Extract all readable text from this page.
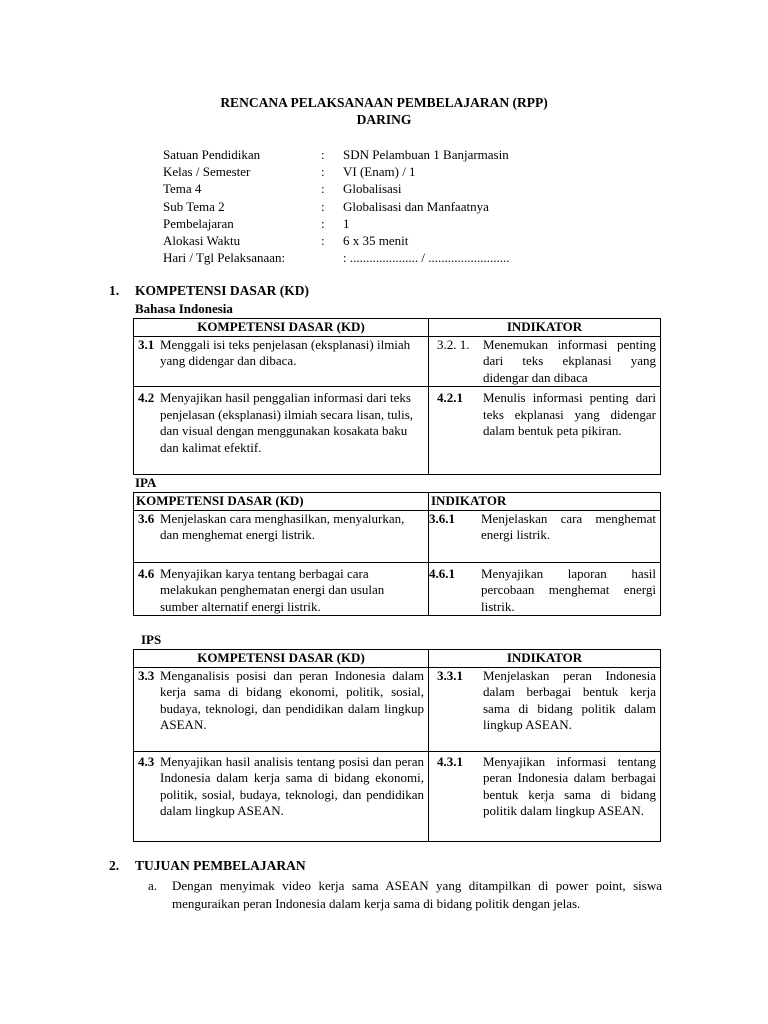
RENCANA PELAKSANAAN PEMBELAJARAN (RPP)
DARING
Satuan Pendidikan	:	SDN Pelambuan 1 Banjarmasin
Kelas / Semester	:	VI (Enam) / 1
Tema 4	:	Globalisasi
Sub Tema 2	:	Globalisasi dan Manfaatnya
Pembelajaran	:	1
Alokasi Waktu	:	6 x 35 menit
Hari / Tgl Pelaksanaan:	: ..................... / .........................
1. KOMPETENSI DASAR (KD)
Bahasa Indonesia
KOMPETENSI DASAR (KD)	INDIKATOR

3.1 Menggali isi teks penjelasan (eksplanasi) ilmiah yang didengar dan dibaca.	3.2. 1. Menemukan informasi penting dari teks ekplanasi yang didengar dan dibaca

4.2 Menyajikan hasil penggalian informasi dari teks penjelasan (eksplanasi) ilmiah secara lisan, tulis, dan visual dengan menggunakan kosakata baku dan kalimat efektif.	4.2.1 Menulis informasi penting dari teks ekplanasi yang didengar dalam bentuk peta pikiran.
IPA
KOMPETENSI DASAR (KD)	INDIKATOR

3.6 Menjelaskan cara menghasilkan, menyalurkan, dan menghemat energi listrik.	3.6.1 Menjelaskan cara menghemat energi listrik.

4.6 Menyajikan karya tentang berbagai cara melakukan penghematan energi dan usulan sumber alternatif energi listrik.	4.6.1 Menyajikan laporan hasil percobaan menghemat energi listrik.
IPS
KOMPETENSI DASAR (KD)	INDIKATOR

3.3 Menganalisis posisi dan peran Indonesia dalam kerja sama di bidang ekonomi, politik, sosial, budaya, teknologi, dan pendidikan dalam lingkup ASEAN.	3.3.1 Menjelaskan peran Indonesia dalam berbagai bentuk kerja sama di bidang politik dalam lingkup ASEAN.

4.3 Menyajikan hasil analisis tentang posisi dan peran Indonesia dalam kerja sama di bidang ekonomi, politik, sosial, budaya, teknologi, dan pendidikan dalam lingkup ASEAN.	4.3.1 Menyajikan informasi tentang peran Indonesia dalam berbagai bentuk kerja sama di bidang politik dalam lingkup ASEAN.
2. TUJUAN PEMBELAJARAN
a.	Dengan menyimak video kerja sama ASEAN yang ditampilkan di power point, siswa menguraikan peran Indonesia dalam kerja sama di bidang politik dengan jelas.
